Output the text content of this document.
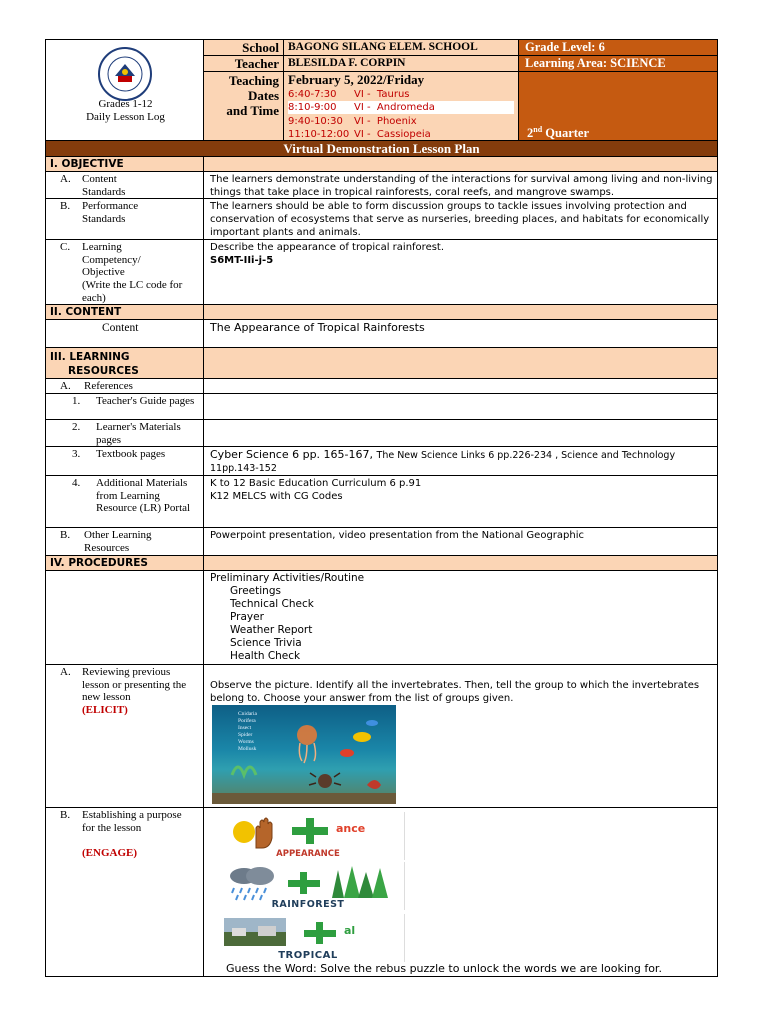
Grades 1-12
Daily Lesson Log
School
Teacher
Teaching
Dates
and Time
BAGONG SILANG ELEM. SCHOOL
BLESILDA F. CORPIN
February 5, 2022/Friday
6:40-7:30 VI -  Taurus
8:10-9:00 VI -  Andromeda
9:40-10:30 VI -  Phoenix
11:10-12:00 VI -  Cassiopeia
Grade Level: 6
Learning Area: SCIENCE
2nd Quarter
Virtual Demonstration Lesson Plan
I. OBJECTIVE
A. Content Standards
The learners demonstrate understanding of the interactions for survival among living and non-living things that take place in tropical rainforests, coral reefs, and mangrove swamps.
B. Performance Standards
The learners should be able to form discussion groups to tackle issues involving protection and conservation of ecosystems that serve as nurseries, breeding places, and habitats for economically important plants and animals.
C. Learning Competency/ Objective
(Write the LC code for each)
Describe the appearance of tropical rainforest.
S6MT-IIi-j-5
II. CONTENT
Content	The Appearance of Tropical Rainforests
III. LEARNING
RESOURCES
A. References
1. Teacher's Guide pages
2. Learner's Materials pages
3. Textbook pages	Cyber Science 6 pp. 165-167, The New Science Links 6 pp.226-234 , Science and Technology 11pp.143-152
4. Additional Materials from Learning Resource (LR) Portal
K to 12 Basic Education Curriculum 6 p.91
K12 MELCS with CG Codes
B. Other Learning Resources
Powerpoint presentation, video presentation from the National Geographic
IV. PROCEDURES
Preliminary Activities/Routine
Greetings
Technical Check
Prayer
Weather Report
Science Trivia
Health Check
A. Reviewing previous lesson or presenting the new lesson
(ELICIT)
Observe the picture. Identify all the invertebrates. Then, tell the group to which the invertebrates belong to. Choose your answer from the list of groups given.
Cnidaria
Porifera
Insect
Spider
Worms
Mollusk
B. Establishing a purpose for the lesson
(ENGAGE)
ance
APPEARANCE
RAINFOREST
al
TROPICAL
Guess the Word: Solve the rebus puzzle to unlock the words we are looking for.
